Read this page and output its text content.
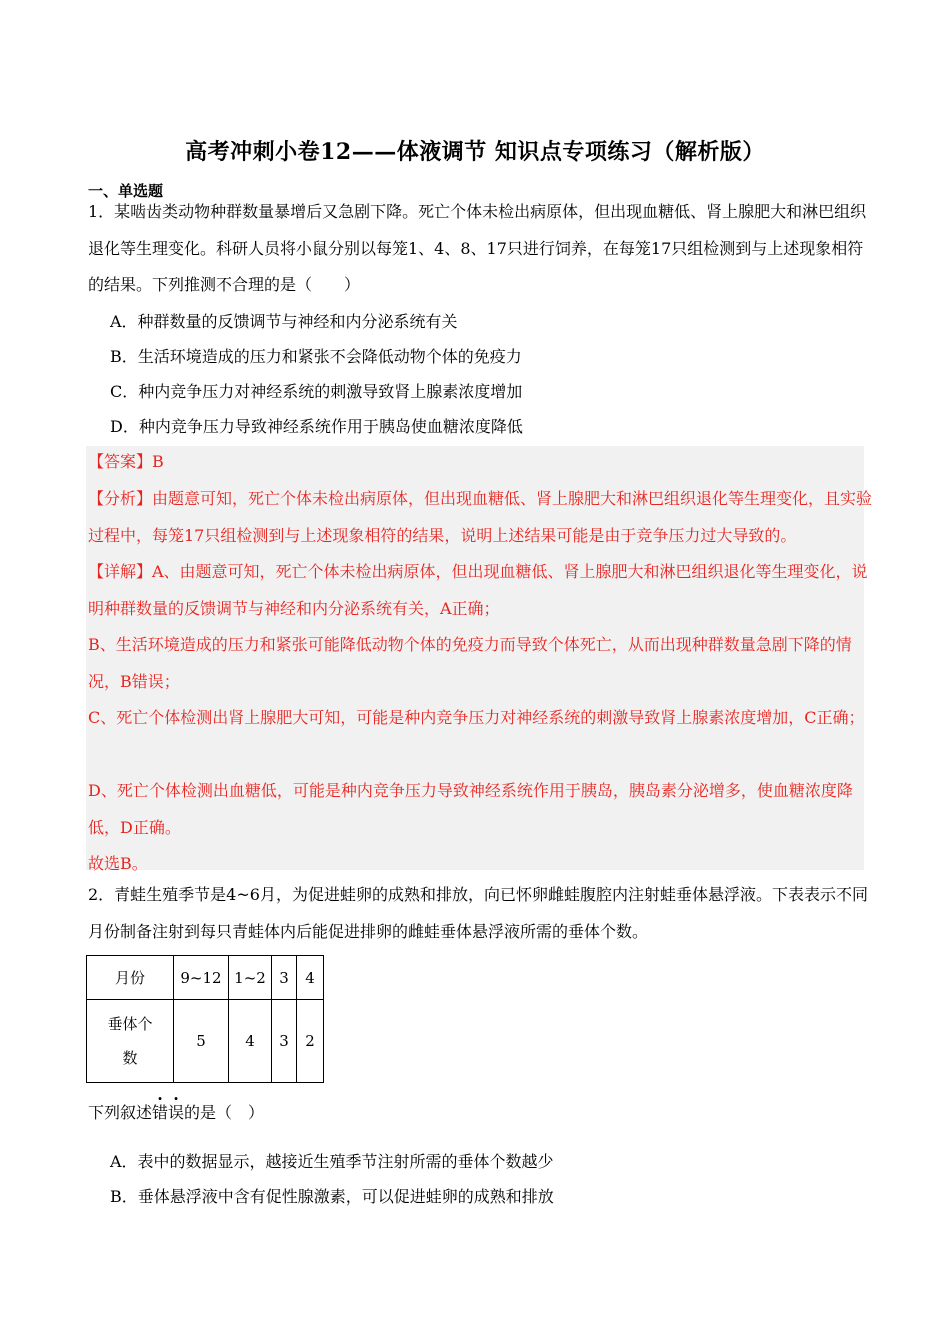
高考冲刺小卷12——体液调节 知识点专项练习（解析版）
一、单选题

1．某啮齿类动物种群数量暴增后又急剧下降。死亡个体未检出病原体，但出现血糖低、肾上腺肥大和淋巴组织退化等生理变化。科研人员将小鼠分别以每笼1、4、8、17只进行饲养，在每笼17只组检测到与上述现象相符的结果。下列推测不合理的是（　　）

A．种群数量的反馈调节与神经和内分泌系统有关
B．生活环境造成的压力和紧张不会降低动物个体的免疫力
C．种内竞争压力对神经系统的刺激导致肾上腺素浓度增加
D．种内竞争压力导致神经系统作用于胰岛使血糖浓度降低

【答案】B

【分析】由题意可知，死亡个体未检出病原体，但出现血糖低、肾上腺肥大和淋巴组织退化等生理变化，且实验过程中，每笼17只组检测到与上述现象相符的结果，说明上述结果可能是由于竞争压力过大导致的。

【详解】A、由题意可知，死亡个体未检出病原体，但出现血糖低、肾上腺肥大和淋巴组织退化等生理变化，说明种群数量的反馈调节与神经和内分泌系统有关，A正确；

B、生活环境造成的压力和紧张可能降低动物个体的免疫力而导致个体死亡，从而出现种群数量急剧下降的情况，B错误；

C、死亡个体检测出肾上腺肥大可知，可能是种内竞争压力对神经系统的刺激导致肾上腺素浓度增加，C正确；

D、死亡个体检测出血糖低，可能是种内竞争压力导致神经系统作用于胰岛，胰岛素分泌增多，使血糖浓度降低，D正确。

故选B。

2．青蛙生殖季节是4~6月，为促进蛙卵的成熟和排放，向已怀卵雌蛙腹腔内注射蛙垂体悬浮液。下表表示不同月份制备注射到每只青蛙体内后能促进排卵的雌蛙垂体悬浮液所需的垂体个数。

月份	9~12	1~2	3	4
垂体个数	5	4	3	2
下列叙述错误的是（　）
A．表中的数据显示，越接近生殖季节注射所需的垂体个数越少
B．垂体悬浮液中含有促性腺激素，可以促进蛙卵的成熟和排放
